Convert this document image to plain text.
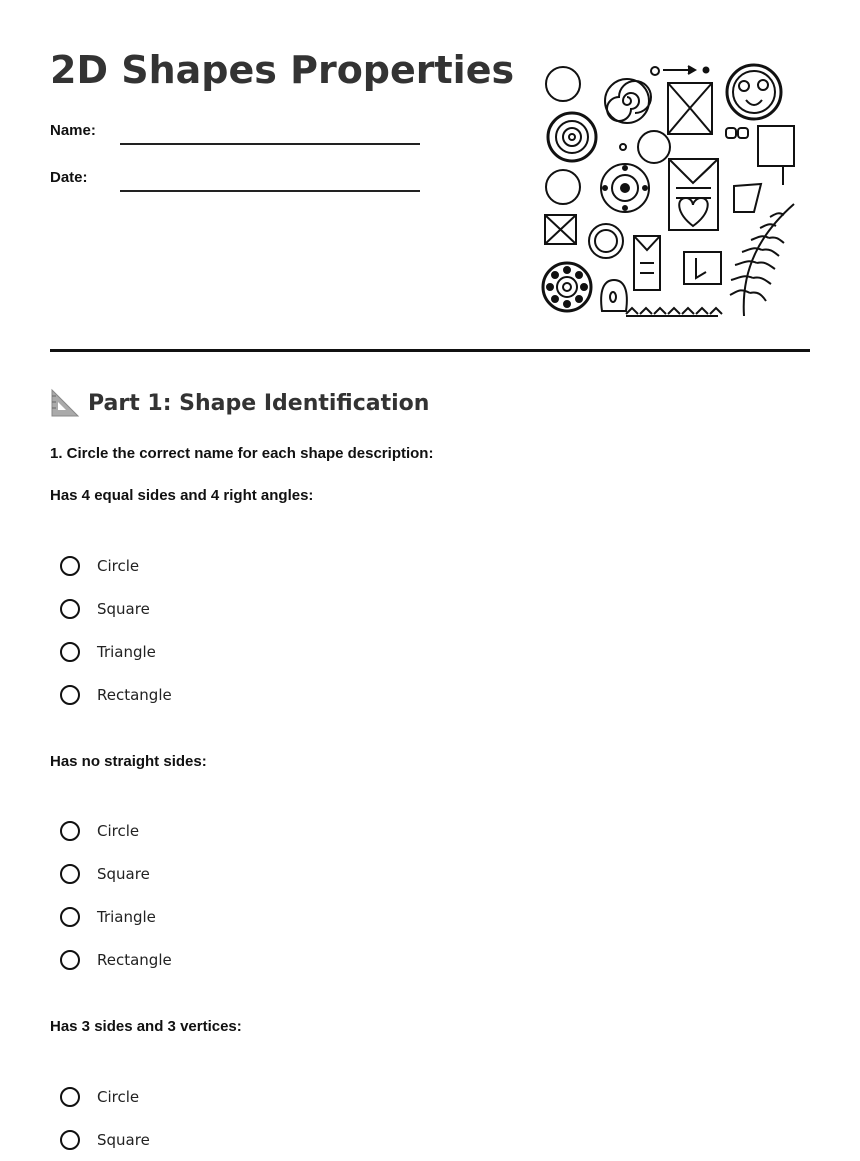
2D Shapes Properties
Name:
Date:
Part 1: Shape Identification
1. Circle the correct name for each shape description:
Has 4 equal sides and 4 right angles:
Circle
Square
Triangle
Rectangle
Has no straight sides:
Circle
Square
Triangle
Rectangle
Has 3 sides and 3 vertices:
Circle
Square
